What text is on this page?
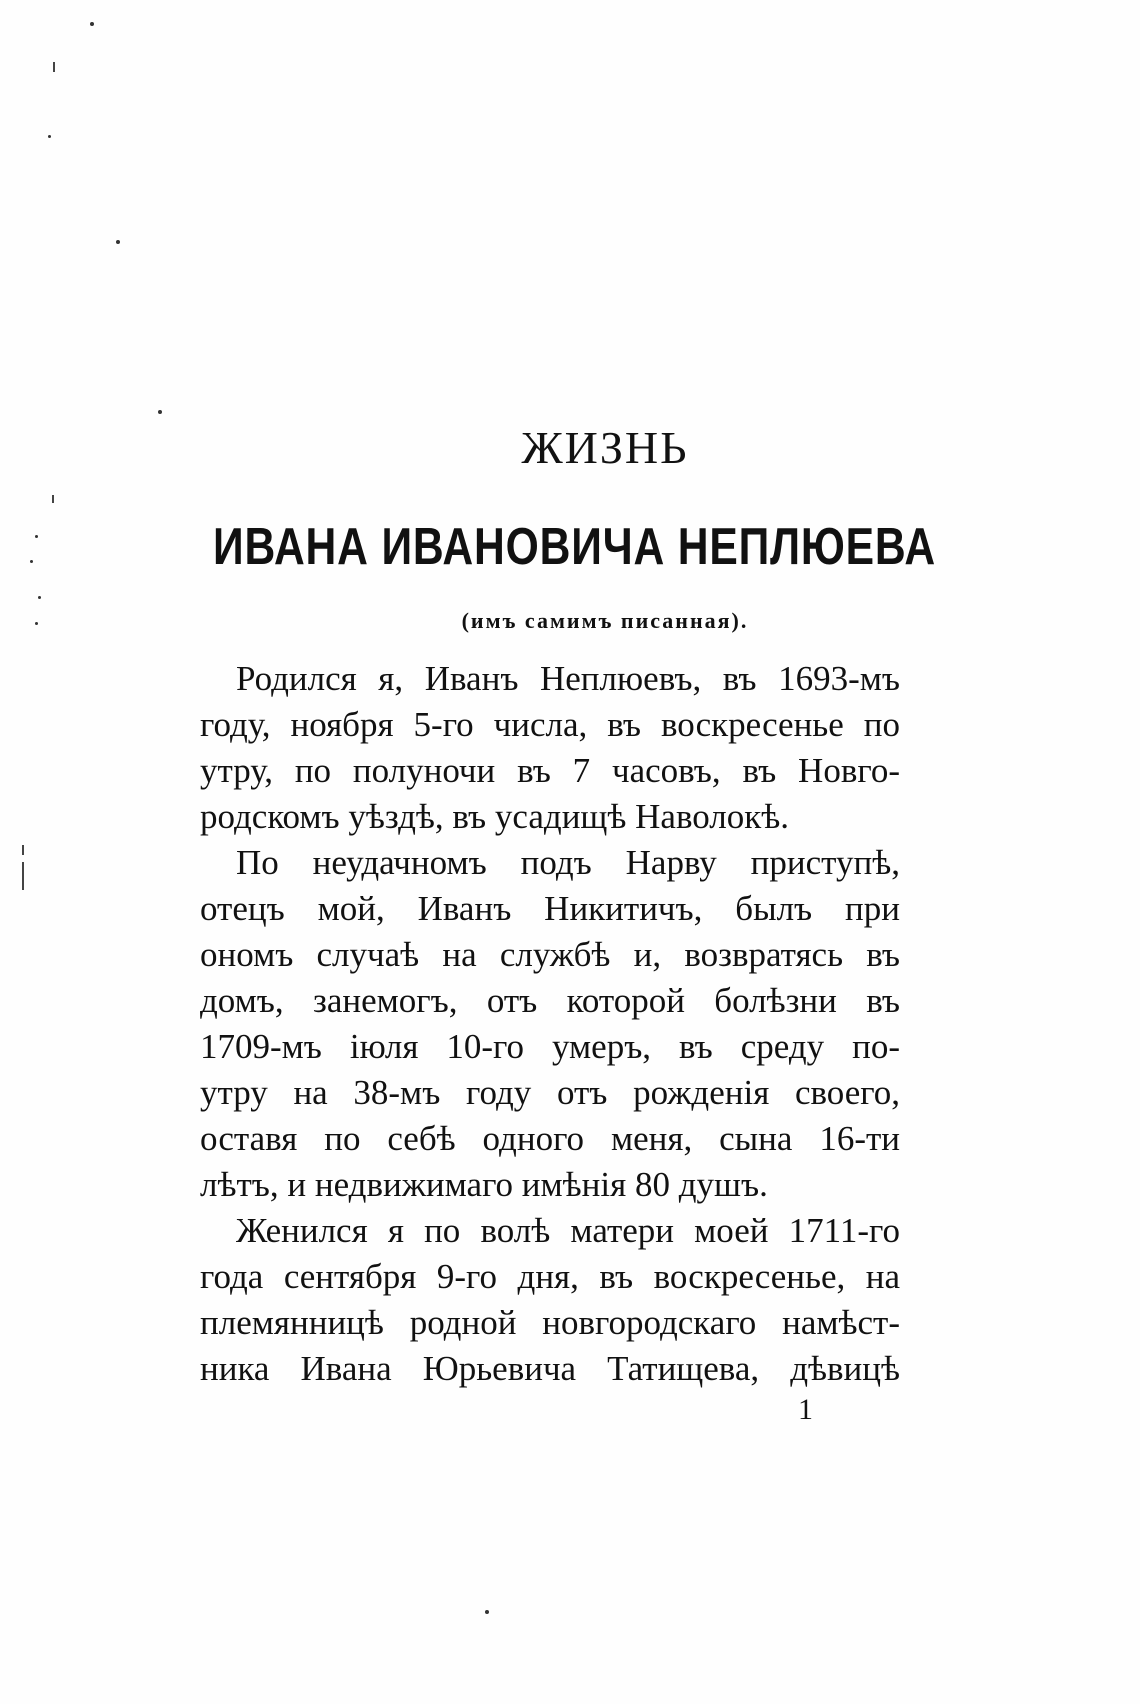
ЖИЗНЬ
ИВАНА ИВАНОВИЧА НЕПЛЮЕВА
(имъ самимъ писанная).
Родился я, Иванъ Неплюевъ, въ 1693-мъ
году, ноября 5-го числа, въ воскресенье по
утру, по полуночи въ 7 часовъ, въ Новго-
родскомъ уѣздѣ, въ усадищѣ Наволокѣ.
По неудачномъ подъ Нарву приступѣ,
отецъ мой, Иванъ Никитичъ, былъ при
ономъ случаѣ на службѣ и, возвратясь въ
домъ, занемогъ, отъ которой болѣзни въ
1709-мъ іюля 10-го умеръ, въ среду по-
утру на 38-мъ году отъ рожденія своего,
оставя по себѣ одного меня, сына 16-ти
лѣтъ, и недвижимаго имѣнія 80 душъ.
Женился я по волѣ матери моей 1711-го
года сентября 9-го дня, въ воскресенье, на
племянницѣ родной новгородскаго намѣст-
ника Ивана Юрьевича Татищева, дѣвицѣ
1
